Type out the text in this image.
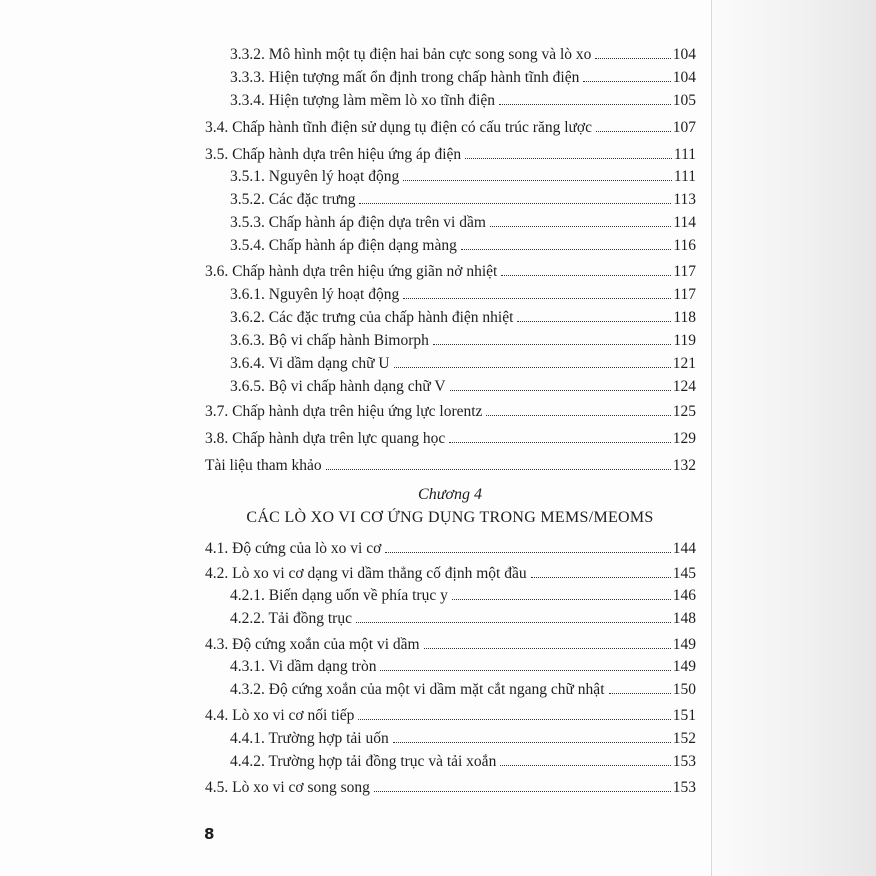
3.3.2. Mô hình một tụ điện hai bản cực song song và lò xo	104
3.3.3. Hiện tượng mất ổn định trong chấp hành tĩnh điện	104
3.3.4. Hiện tượng làm mềm lò xo tĩnh điện	105
3.4. Chấp hành tĩnh điện sử dụng tụ điện có cấu trúc răng lược	107
3.5. Chấp hành dựa trên hiệu ứng áp điện	111
3.5.1. Nguyên lý hoạt động	111
3.5.2. Các đặc trưng	113
3.5.3. Chấp hành áp điện dựa trên vi dầm	114
3.5.4. Chấp hành áp điện dạng màng	116
3.6. Chấp hành dựa trên hiệu ứng giãn nở nhiệt	117
3.6.1. Nguyên lý hoạt động	117
3.6.2. Các đặc trưng của chấp hành điện nhiệt	118
3.6.3. Bộ vi chấp hành Bimorph	119
3.6.4. Vi dầm dạng chữ U	121
3.6.5. Bộ vi chấp hành dạng chữ V	124
3.7. Chấp hành dựa trên hiệu ứng lực lorentz	125
3.8. Chấp hành dựa trên lực quang học	129
Tài liệu tham khảo	132
Chương 4
CÁC LÒ XO VI CƠ ỨNG DỤNG TRONG MEMS/MEOMS
4.1. Độ cứng của lò xo vi cơ	144
4.2. Lò xo vi cơ dạng vi dầm thẳng cố định một đầu	145
4.2.1. Biến dạng uốn về phía trục y	146
4.2.2. Tải đồng trục	148
4.3. Độ cứng xoắn của một vi dầm	149
4.3.1. Vi dầm dạng tròn	149
4.3.2. Độ cứng xoắn của một vi dầm mặt cắt ngang chữ nhật	150
4.4. Lò xo vi cơ nối tiếp	151
4.4.1. Trường hợp tải uốn	152
4.4.2. Trường hợp tải đồng trục và tải xoắn	153
4.5. Lò xo vi cơ song song	153
8
